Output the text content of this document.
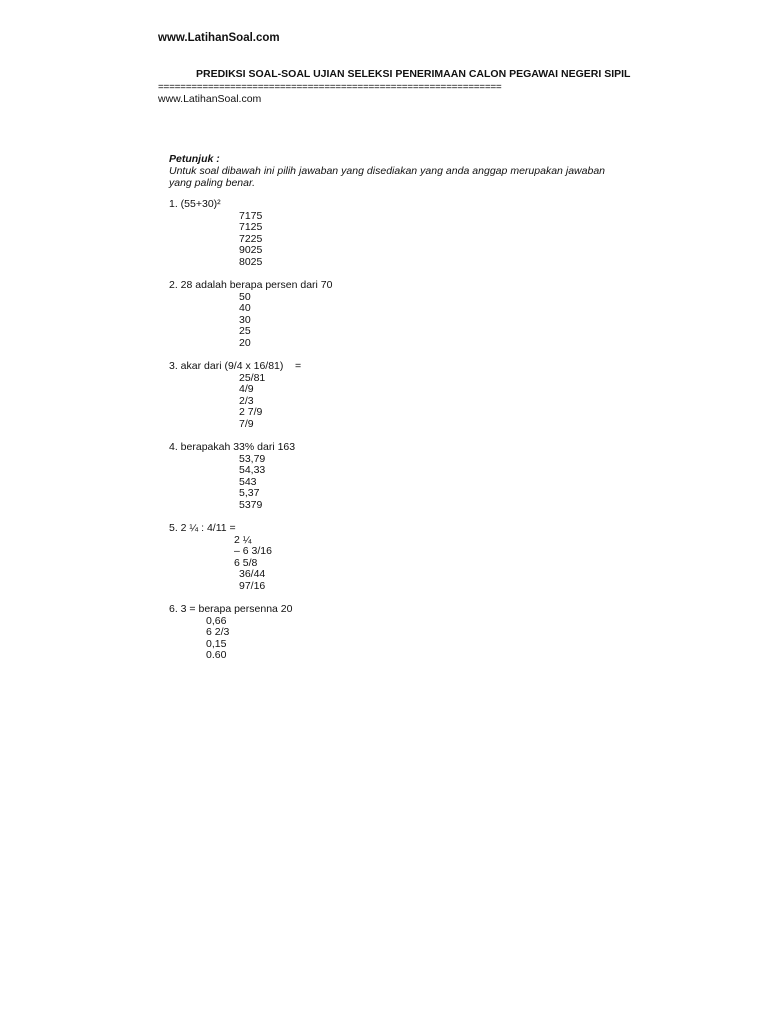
www.LatihanSoal.com
PREDIKSI SOAL-SOAL UJIAN SELEKSI PENERIMAAN CALON PEGAWAI NEGERI SIPIL
==============================================================
www.LatihanSoal.com
Petunjuk :
Untuk soal dibawah ini pilih jawaban yang disediakan yang anda anggap merupakan jawaban yang paling benar.
1. (55+30)²
7175
7125
7225
9025
8025
2. 28 adalah berapa persen dari 70
50
40
30
25
20
3. akar dari (9/4 x 16/81)    =
25/81
4/9
2/3
2 7/9
7/9
4. berapakah 33% dari 163
53,79
54,33
543
5,37
5379
5. 2 ¼ : 4/11 =
2 ¼
– 6 3/16
6 5/8
36/44
97/16
6. 3 = berapa persenna 20
0,66
6 2/3
0,15
0.60
